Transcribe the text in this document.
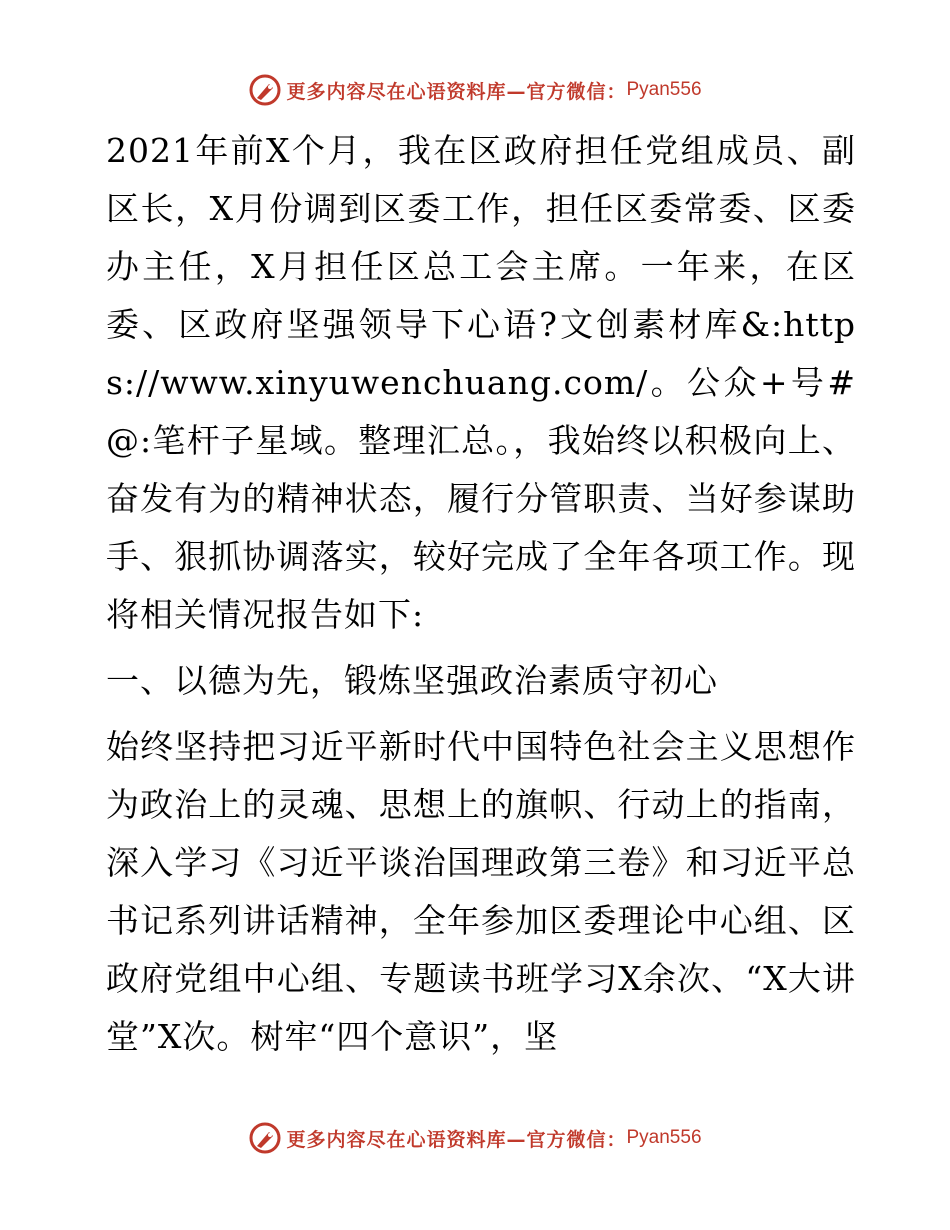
更多内容尽在心语资料库—官方微信： Pyan556

2021年前X个月，我在区政府担任党组成员、副区长，X月份调到区委工作，担任区委常委、区委办主任，X月担任区总工会主席。一年来，在区委、区政府坚强领导下心语?文创素材库&:https://www.xinyuwenchuang.com/。公众+号#@:笔杆子星域。整理汇总。，我始终以积极向上、奋发有为的精神状态，履行分管职责、当好参谋助手、狠抓协调落实，较好完成了全年各项工作。现将相关情况报告如下:

一、以德为先，锻炼坚强政治素质守初心

始终坚持把习近平新时代中国特色社会主义思想作为政治上的灵魂、思想上的旗帜、行动上的指南，深入学习《习近平谈治国理政第三卷》和习近平总书记系列讲话精神，全年参加区委理论中心组、区政府党组中心组、专题读书班学习X余次、“X大讲堂”X次。树牢“四个意识”，坚

更多内容尽在心语资料库—官方微信： Pyan556
